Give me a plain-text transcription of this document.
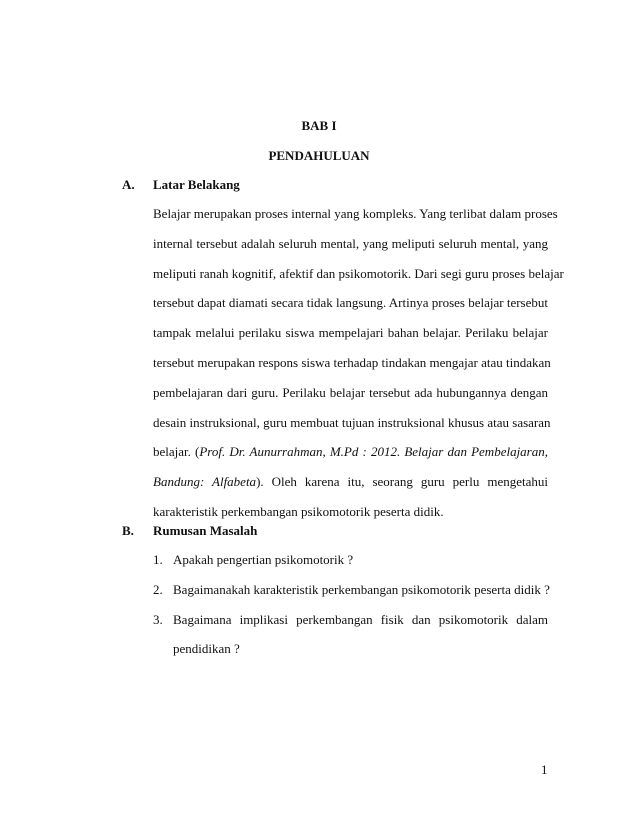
BAB I
PENDAHULUAN
A. Latar Belakang
Belajar merupakan proses internal yang kompleks. Yang terlibat dalam proses
internal tersebut adalah seluruh mental, yang meliputi seluruh mental, yang
meliputi ranah kognitif, afektif dan psikomotorik. Dari segi guru proses belajar
tersebut dapat diamati secara tidak langsung. Artinya proses belajar tersebut
tampak melalui perilaku siswa mempelajari bahan belajar. Perilaku belajar
tersebut merupakan respons siswa terhadap tindakan mengajar atau tindakan
pembelajaran dari guru. Perilaku belajar tersebut ada hubungannya dengan
desain instruksional, guru membuat tujuan instruksional khusus atau sasaran
belajar. (Prof. Dr. Aunurrahman, M.Pd : 2012. Belajar dan Pembelajaran,
Bandung: Alfabeta). Oleh karena itu, seorang guru perlu mengetahui
karakteristik perkembangan psikomotorik peserta didik.
B. Rumusan Masalah
1. Apakah pengertian psikomotorik ?
2. Bagaimanakah karakteristik perkembangan psikomotorik peserta didik ?
3. Bagaimana implikasi perkembangan fisik dan psikomotorik dalam
pendidikan ?
1
